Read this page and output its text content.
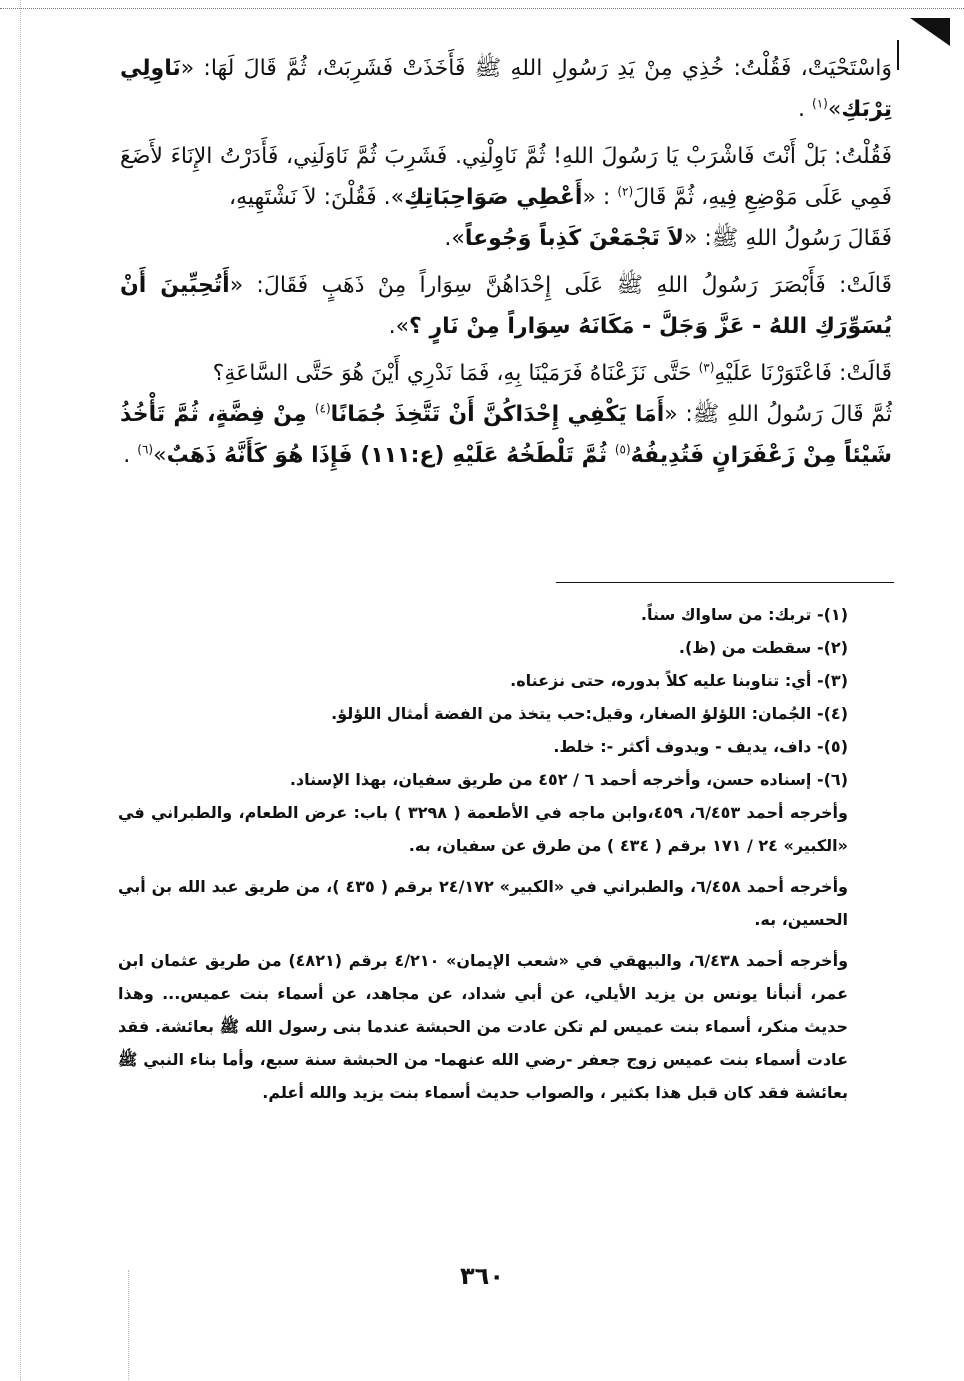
وَاسْتَحْيَتْ، فَقُلْتُ: خُذِي مِنْ يَدِ رَسُولِ اللهِ ﷺ فَأَخَذَتْ فَشَرِبَتْ، ثُمَّ قَالَ لَهَا: «نَاوِلِي تِرْبَكِ»$^{(١)}$ .

فَقُلْتُ: بَلْ أَنْتَ فَاشْرَبْ يَا رَسُولَ اللهِ! ثُمَّ نَاوِلْنِي. فَشَرِبَ ثُمَّ نَاوَلَنِي، فَأَدَرْتُ الإِنَاءَ لأَضَعَ فَمِي عَلَى مَوْضِعِ فِيهِ، ثُمَّ قَالَ$^{(٢)}$ : «أَعْطِي صَوَاحِبَاتِكِ». فَقُلْنَ: لاَ نَشْتَهِيهِ،
فَقَالَ رَسُولُ اللهِ ﷺ: «لاَ تَجْمَعْنَ كَذِباً وَجُوعاً».

قَالَتْ: فَأَبْصَرَ رَسُولُ اللهِ ﷺ عَلَى إِحْدَاهُنَّ سِوَاراً مِنْ ذَهَبٍ فَقَالَ: «أَتُحِبِّينَ أَنْ يُسَوِّرَكِ اللهُ - عَزَّ وَجَلَّ - مَكَانَهُ سِوَاراً مِنْ نَارٍ ؟».

قَالَتْ: فَاعْتَوَرْنَا عَلَيْهِ$^{(٣)}$ حَتَّى نَزَعْنَاهُ فَرَمَيْنَا بِهِ، فَمَا نَدْرِي أَيْنَ هُوَ حَتَّى السَّاعَةِ؟
ثُمَّ قَالَ رَسُولُ اللهِ ﷺ: «أَمَا يَكْفِي إِحْدَاكُنَّ أَنْ تَتَّخِذَ جُمَانًا$^{(٤)}$ مِنْ فِضَّةٍ، ثُمَّ تَأْخُذُ شَيْئاً مِنْ زَعْفَرَانٍ فَتُدِيفُهُ$^{(٥)}$ ثُمَّ تَلْطَخُهُ عَلَيْهِ (ع:١١١) فَإِذَا هُوَ كَأَنَّهُ ذَهَبٌ»$^{(٦)}$ .

(١)- تربك: من ساواك سناً.

(٢)- سقطت من (ظ).

(٣)- أي: تناوبنا عليه كلاً بدوره، حتى نزعناه.

(٤)- الجُمان: اللؤلؤ الصغار، وقيل:حب يتخذ من الفضة أمثال اللؤلؤ.

(٥)- داف، يديف - ويدوف أكثر -: خلط.

(٦)- إسناده حسن، وأخرجه أحمد ٦ / ٤٥٢ من طريق سفيان، بهذا الإسناد.

وأخرجه أحمد ٦/٤٥٣، ٤٥٩،وابن ماجه في الأطعمة ( ٣٢٩٨ ) باب: عرض الطعام، والطبراني في «الكبير» ٢٤ / ١٧١ برقم ( ٤٣٤ ) من طرق عن سفيان، به.

وأخرجه أحمد ٦/٤٥٨، والطبراني في «الكبير» ٢٤/١٧٢ برقم ( ٤٣٥ )، من طريق عبد الله بن أبي الحسين، به.

وأخرجه أحمد ٦/٤٣٨، والبيهقي في «شعب الإيمان» ٤/٢١٠ برقم (٤٨٢١) من طريق عثمان ابن عمر، أنبأنا يونس بن يزيد الأيلي، عن أبي شداد، عن مجاهد، عن أسماء بنت عميس... وهذا حديث منكر، أسماء بنت عميس لم تكن عادت من الحبشة عندما بنى رسول الله ﷺ بعائشة. فقد عادت أسماء بنت عميس زوج جعفر -رضي الله عنهما- من الحبشة سنة سبع، وأما بناء النبي ﷺ بعائشة فقد كان قبل هذا بكثير ، والصواب حديث أسماء بنت يزيد والله أعلم.

٣٦٠
